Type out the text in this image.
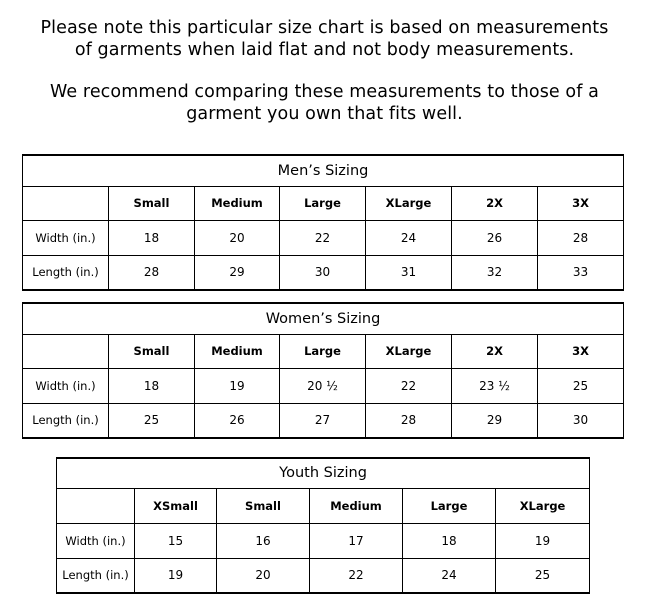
Please note this particular size chart is based on measurements
of garments when laid flat and not body measurements.
We recommend comparing these measurements to those of a
garment you own that fits well.
Men’s Sizing						
	Small	Medium	Large	XLarge	2X	3X
Width (in.)	18	20	22	24	26	28
Length (in.)	28	29	30	31	32	33
Women’s Sizing						
	Small	Medium	Large	XLarge	2X	3X
Width (in.)	18	19	20 ½	22	23 ½	25
Length (in.)	25	26	27	28	29	30
Youth Sizing					
	XSmall	Small	Medium	Large	XLarge
Width (in.)	15	16	17	18	19
Length (in.)	19	20	22	24	25
